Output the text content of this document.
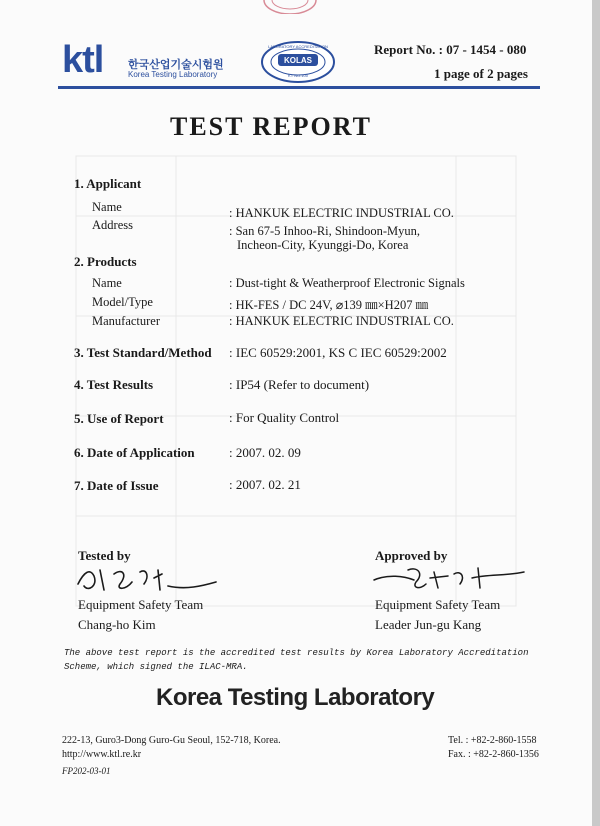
ktl 한국산업기술시험원
Korea Testing Laboratory
KOLAS
LABORATORY ACCREDITATION
KT NO.100
Report No. : 07 - 1454 - 080
1 page of 2 pages
TEST REPORT
1. Applicant
Name	: HANKUK ELECTRIC INDUSTRIAL CO.
Address	: San 67-5 Inhoo-Ri, Shindoon-Myun,
Incheon-City, Kyunggi-Do, Korea
2. Products
Name	: Dust-tight & Weatherproof Electronic Signals
Model/Type	: HK-FES / DC 24V, ⌀139 ㎜×H207 ㎜
Manufacturer	: HANKUK ELECTRIC INDUSTRIAL CO.
3. Test Standard/Method : IEC 60529:2001, KS C IEC 60529:2002
4. Test Results	: IP54 (Refer to document)
5. Use of Report	: For Quality Control
6. Date of Application	: 2007. 02. 09
7. Date of Issue	: 2007. 02. 21
Tested by
Equipment Safety Team
Chang-ho Kim
Approved by
Equipment Safety Team
Leader Jun-gu Kang
The above test report is the accredited test results by Korea Laboratory Accreditation Scheme, which signed the ILAC-MRA.
Korea Testing Laboratory
222-13, Guro3-Dong Guro-Gu Seoul, 152-718, Korea.
http://www.ktl.re.kr
Tel. : +82-2-860-1558
Fax. : +82-2-860-1356
FP202-03-01
